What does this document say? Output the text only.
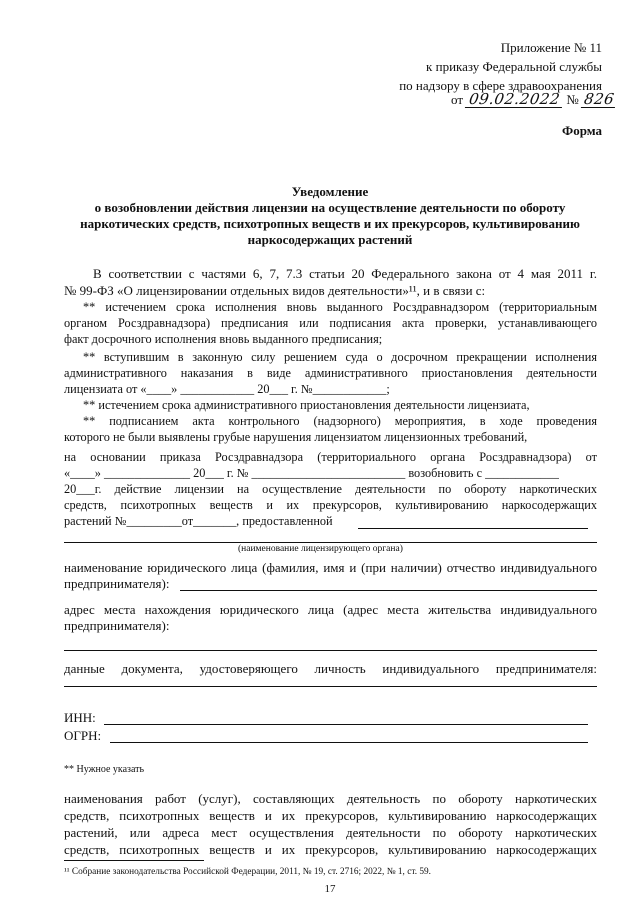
Приложение № 11
к приказу Федеральной службы
по надзору в сфере здравоохранения
от 09.02.2022 № 826
Форма
Уведомление
о возобновлении действия лицензии на осуществление деятельности по обороту
наркотических средств, психотропных веществ и их прекурсоров, культивированию
наркосодержащих растений
В соответствии с частями 6, 7, 7.3 статьи 20 Федерального закона от 4 мая 2011 г.
№ 99-ФЗ «О лицензировании отдельных видов деятельности»¹¹, и в связи с:
** истечением срока исполнения вновь выданного Росздравнадзором (территориальным
органом Росздравнадзора) предписания или подписания акта проверки, устанавливающего
факт досрочного исполнения вновь выданного предписания;
** вступившим в законную силу решением суда о досрочном прекращении исполнения
административного наказания в виде административного приостановления деятельности
лицензиата от «____» ____________ 20___ г. №____________;
** истечением срока административного приостановления деятельности лицензиата,
** подписанием акта контрольного (надзорного) мероприятия, в ходе проведения
которого не были выявлены грубые нарушения лицензиатом лицензионных требований,
на основании приказа Росздравнадзора (территориального органа Росздравнадзора) от
«____» ______________ 20___ г. № _________________________ возобновить с ____________
20___г. действие лицензии на осуществление деятельности по обороту наркотических
средств, психотропных веществ и их прекурсоров, культивированию наркосодержащих
растений №_________от_______, предоставленной
(наименование лицензирующего органа)
наименование юридического лица (фамилия, имя и (при наличии) отчество индивидуального
предпринимателя):
адрес места нахождения юридического лица (адрес места жительства индивидуального
предпринимателя):
данные документа, удостоверяющего личность индивидуального предпринимателя:
ИНН:
ОГРН:
** Нужное указать
наименования работ (услуг), составляющих деятельность по обороту наркотических
средств, психотропных веществ и их прекурсоров, культивированию наркосодержащих
растений, или адреса мест осуществления деятельности по обороту наркотических
средств, психотропных веществ и их прекурсоров, культивированию наркосодержащих
¹¹ Собрание законодательства Российской Федерации, 2011, № 19, ст. 2716; 2022, № 1, ст. 59.
17
